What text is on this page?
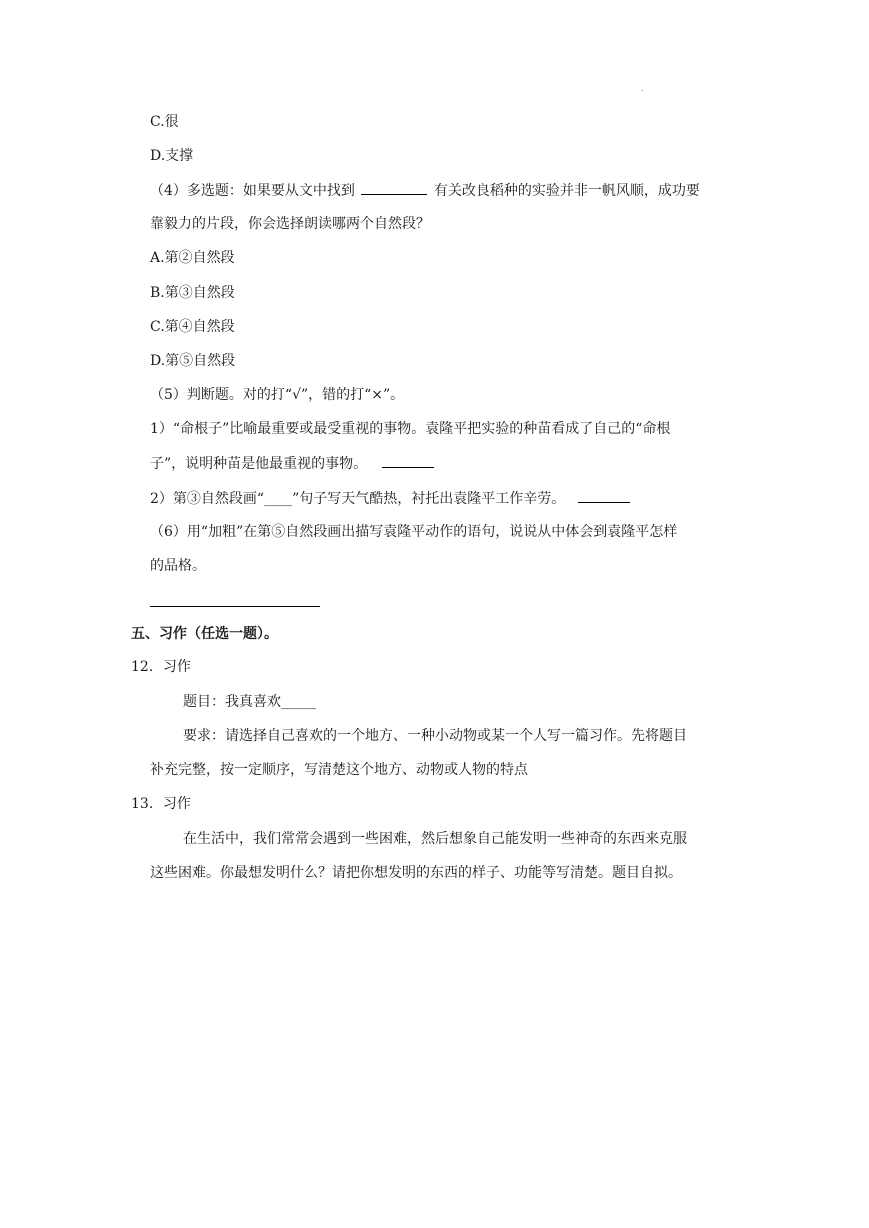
.
C.很
D.支撑
（4）多选题：如果要从文中找到	有关改良稻种的实验并非一帆风顺，成功要
靠毅力的片段，你会选择朗读哪两个自然段？
A.第②自然段
B.第③自然段
C.第④自然段
D.第⑤自然段
（5）判断题。对的打“√”，错的打“×”。
1）“命根子”比喻最重要或最受重视的事物。袁隆平把实验的种苗看成了自己的“命根
子”，说明种苗是他最重视的事物。
2）第③自然段画“____”句子写天气酷热，衬托出袁隆平工作辛劳。
（6）用“加粗”在第⑤自然段画出描写袁隆平动作的语句，说说从中体会到袁隆平怎样
的品格。
五、习作（任选一题）。
12．习作
题目：我真喜欢_____
要求：请选择自己喜欢的一个地方、一种小动物或某一个人写一篇习作。先将题目
补充完整，按一定顺序，写清楚这个地方、动物或人物的特点
13．习作
在生活中，我们常常会遇到一些困难，然后想象自己能发明一些神奇的东西来克服
这些困难。你最想发明什么？请把你想发明的东西的样子、功能等写清楚。题目自拟。
